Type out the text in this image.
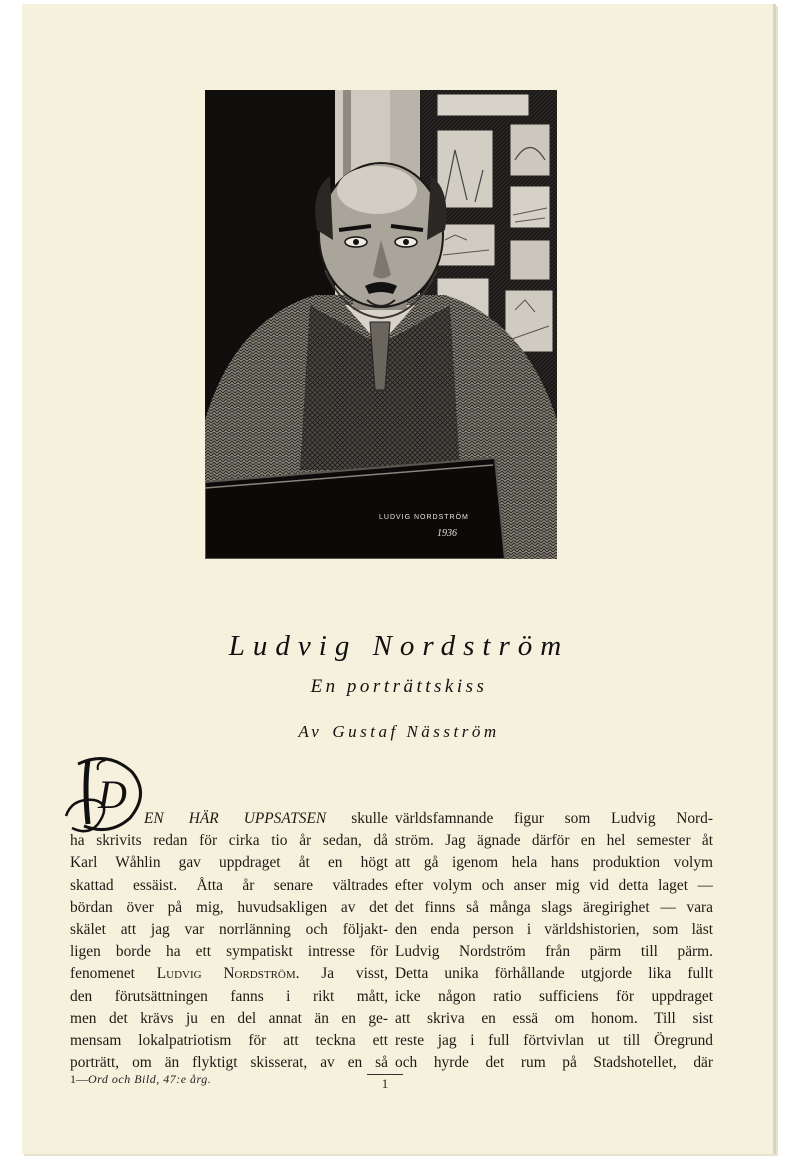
LUDVIG NORDSTRÖM
1936
Ludvig Nordström
En porträttskiss
Av Gustaf Näsström
D
EN HÄR UPPSATSEN skulle
ha skrivits redan för cirka tio år sedan, då
Karl Wåhlin gav uppdraget åt en högt
skattad essäist. Åtta år senare vältrades
bördan över på mig, huvudsakligen av det
skälet att jag var norrlänning och följakt-
ligen borde ha ett sympatiskt intresse för
fenomenet Ludvig Nordström. Ja visst,
den förutsättningen fanns i rikt mått,
men det krävs ju en del annat än en ge-
mensam lokalpatriotism för att teckna ett
porträtt, om än flyktigt skisserat, av en så
världsfamnande figur som Ludvig Nord-
ström. Jag ägnade därför en hel semester åt
att gå igenom hela hans produktion volym
efter volym och anser mig vid detta laget —
det finns så många slags äregirighet — vara
den enda person i världshistorien, som läst
Ludvig Nordström från pärm till pärm.
Detta unika förhållande utgjorde lika fullt
icke någon ratio sufficiens för uppdraget
att skriva en essä om honom. Till sist
reste jag i full förtvivlan ut till Öregrund
och hyrde det rum på Stadshotellet, där
1—Ord och Bild, 47:e årg.	1
